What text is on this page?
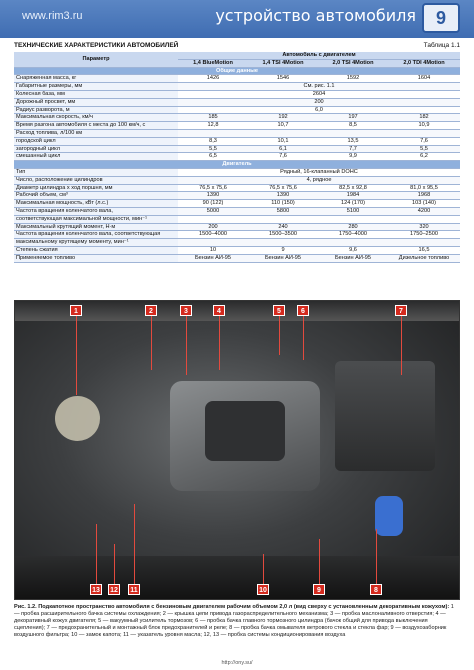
www.rim3.ru	устройство автомобиля	9
ТЕХНИЧЕСКИЕ ХАРАКТЕРИСТИКИ АВТОМОБИЛЕЙ	Таблица 1.1
Параметр	Автомобиль с двигателем			
	1,4 BlueMotion	1,4 TSI 4Motion	2,0 TSI 4Motion	2,0 TDI 4Motion
Общие данные				
Снаряженная масса, кг	1426	1546	1592	1604
Габаритные размеры, мм	См. рис. 1.1			
Колесная база, мм	2604			
Дорожный просвет, мм	200			
Радиус разворота, м	6,0			
Максимальная скорость, км/ч	185	192	197	182
Время разгона автомобиля с места до 100 км/ч, с	12,8	10,7	8,5	10,9
Расход топлива, л/100 км				
городской цикл	8,3	10,1	13,5	7,6
загородный цикл	5,5	6,1	7,7	5,5
смешанный цикл	6,5	7,6	9,9	6,2
Двигатель				
Тип	Рядный, 16-клапанный DOHC			
Число, расположение цилиндров	4, рядное			
Диаметр цилиндра x ход поршня, мм	76,5 x 75,6	76,5 x 75,6	82,5 x 92,8	81,0 x 95,5
Рабочий объем, см³	1390	1390	1984	1968
Максимальная мощность, кВт (л.с.)	90 (122)	110 (150)	124 (170)	103 (140)
Частота вращения коленчатого вала,	5000	5800	5100	4200
соответствующая максимальной мощности, мин⁻¹				
Максимальный крутящий момент, Н·м	200	240	280	320
Частота вращения коленчатого вала, соответствующая	1500–4000	1500–3500	1750–4000	1750–2500
максимальному крутящему моменту, мин⁻¹				
Степень сжатия	10	9	9,6	16,5
Применяемое топливо	Бензин АИ-95	Бензин АИ-95	Бензин АИ-95	Дизельное топливо
1	2	3	4	5	6	7
13	12	11	10	9	8
Рис. 1.2. Подкапотное пространство автомобиля с бензиновым двигателем рабочим объемом 2,0 л (вид сверху с установленным декоративным кожухом): 1 — пробка расширительного бачка системы охлаждения; 2 — крышка цепи привода газораспределительного механизма; 3 — пробка маслоналивного отверстия; 4 — декоративный кожух двигателя; 5 — вакуумный усилитель тормозов; 6 — пробка бачка главного тормозного цилиндра (бачок общий для привода выключения сцепления); 7 — предохранительный и монтажный блок предохранителей и реле; 8 — пробка бачка омывателя ветрового стекла и стекла фар; 9 — воздухозаборник воздушного фильтра; 10 — замок капота; 11 — указатель уровня масла; 12, 13 — пробка системы кондиционирования воздуха
http://ony.su/
